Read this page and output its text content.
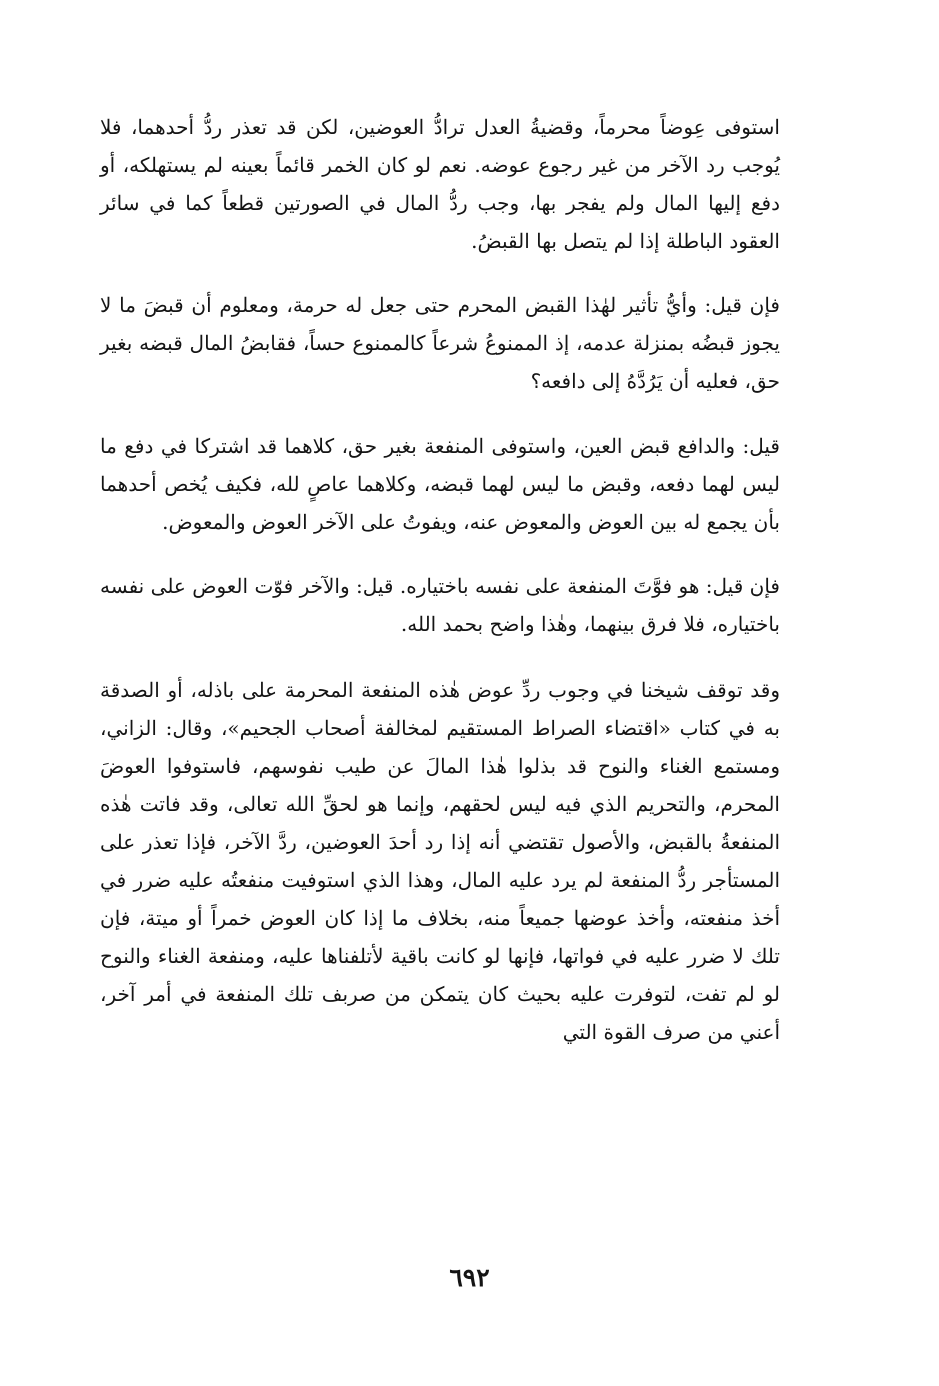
استوفى عِوضاً محرماً، وقضيةُ العدل ترادُّ العوضين، لكن قد تعذر ردُّ أحدهما، فلا يُوجب رد الآخر من غير رجوع عوضه. نعم لو كان الخمر قائماً بعينه لم يستهلكه، أو دفع إليها المال ولم يفجر بها، وجب ردُّ المال في الصورتين قطعاً كما في سائر العقود الباطلة إذا لم يتصل بها القبضُ.

فإن قيل: وأيُّ تأثير لهٰذا القبض المحرم حتى جعل له حرمة، ومعلوم أن قبضَ ما لا يجوز قبضُه بمنزلة عدمه، إذ الممنوعُ شرعاً كالممنوع حساً، فقابضُ المال قبضه بغير حق، فعليه أن يَرُدَّهُ إلى دافعه؟

قيل: والدافع قبض العين، واستوفى المنفعة بغير حق، كلاهما قد اشتركا في دفع ما ليس لهما دفعه، وقبض ما ليس لهما قبضه، وكلاهما عاصٍ لله، فكيف يُخص أحدهما بأن يجمع له بين العوض والمعوض عنه، ويفوتُ على الآخر العوض والمعوض.

فإن قيل: هو فوَّتَ المنفعة على نفسه باختياره. قيل: والآخر فوّت العوض على نفسه باختياره، فلا فرق بينهما، وهٰذا واضح بحمد الله.

وقد توقف شيخنا في وجوب ردِّ عوض هٰذه المنفعة المحرمة على باذله، أو الصدقة به في كتاب «اقتضاء الصراط المستقيم لمخالفة أصحاب الجحيم»، وقال: الزاني، ومستمع الغناء والنوح قد بذلوا هٰذا المالَ عن طيب نفوسهم، فاستوفوا العوضَ المحرم، والتحريم الذي فيه ليس لحقهم، وإنما هو لحقِّ الله تعالى، وقد فاتت هٰذه المنفعةُ بالقبض، والأصول تقتضي أنه إذا رد أحدَ العوضين، ردَّ الآخر، فإذا تعذر على المستأجر ردُّ المنفعة لم يرد عليه المال، وهذا الذي استوفيت منفعتُه عليه ضرر في أخذ منفعته، وأخذ عوضها جميعاً منه، بخلاف ما إذا كان العوض خمراً أو ميتة، فإن تلك لا ضرر عليه في فواتها، فإنها لو كانت باقية لأتلفناها عليه، ومنفعة الغناء والنوح لو لم تفت، لتوفرت عليه بحيث كان يتمكن من صربف تلك المنفعة في أمر آخر، أعني من صرف القوة التي

٦٩٢
